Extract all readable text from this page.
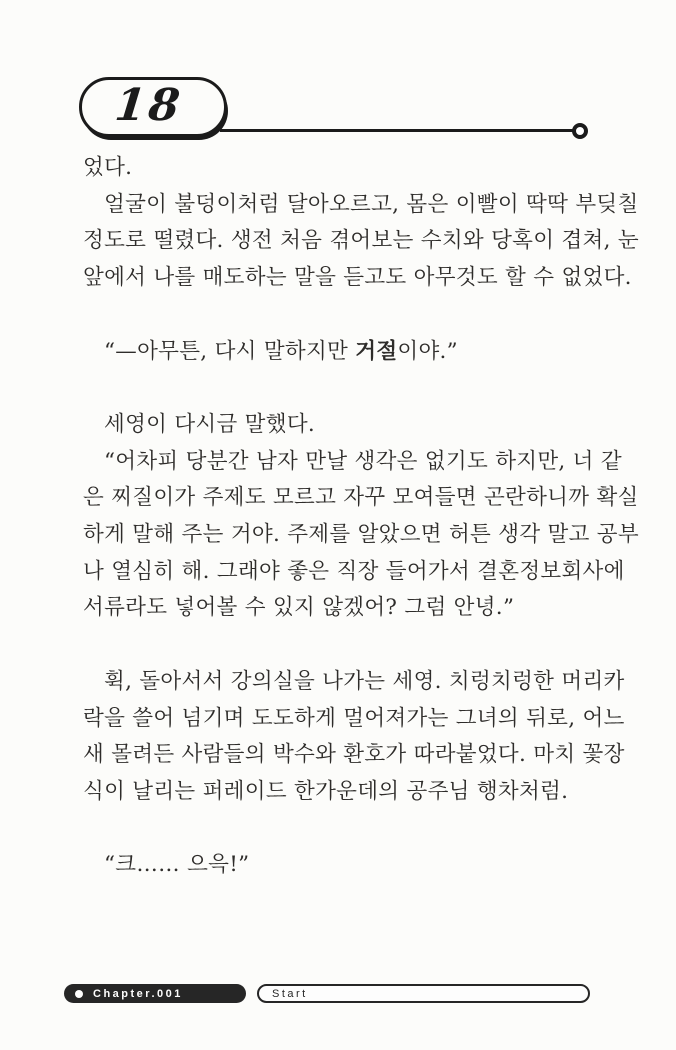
18
었다.
얼굴이 불덩이처럼 달아오르고, 몸은 이빨이 딱딱 부딪칠
정도로 떨렸다. 생전 처음 겪어보는 수치와 당혹이 겹쳐, 눈
앞에서 나를 매도하는 말을 듣고도 아무것도 할 수 없었다.
“—아무튼, 다시 말하지만 거절이야.”
세영이 다시금 말했다.
“어차피 당분간 남자 만날 생각은 없기도 하지만, 너 같
은 찌질이가 주제도 모르고 자꾸 모여들면 곤란하니까 확실
하게 말해 주는 거야. 주제를 알았으면 허튼 생각 말고 공부
나 열심히 해. 그래야 좋은 직장 들어가서 결혼정보회사에
서류라도 넣어볼 수 있지 않겠어? 그럼 안녕.”
휙, 돌아서서 강의실을 나가는 세영. 치렁치렁한 머리카
락을 쓸어 넘기며 도도하게 멀어져가는 그녀의 뒤로, 어느
새 몰려든 사람들의 박수와 환호가 따라붙었다. 마치 꽃장
식이 날리는 퍼레이드 한가운데의 공주님 행차처럼.
“크…… 으윽!”
Chapter.001	Start
